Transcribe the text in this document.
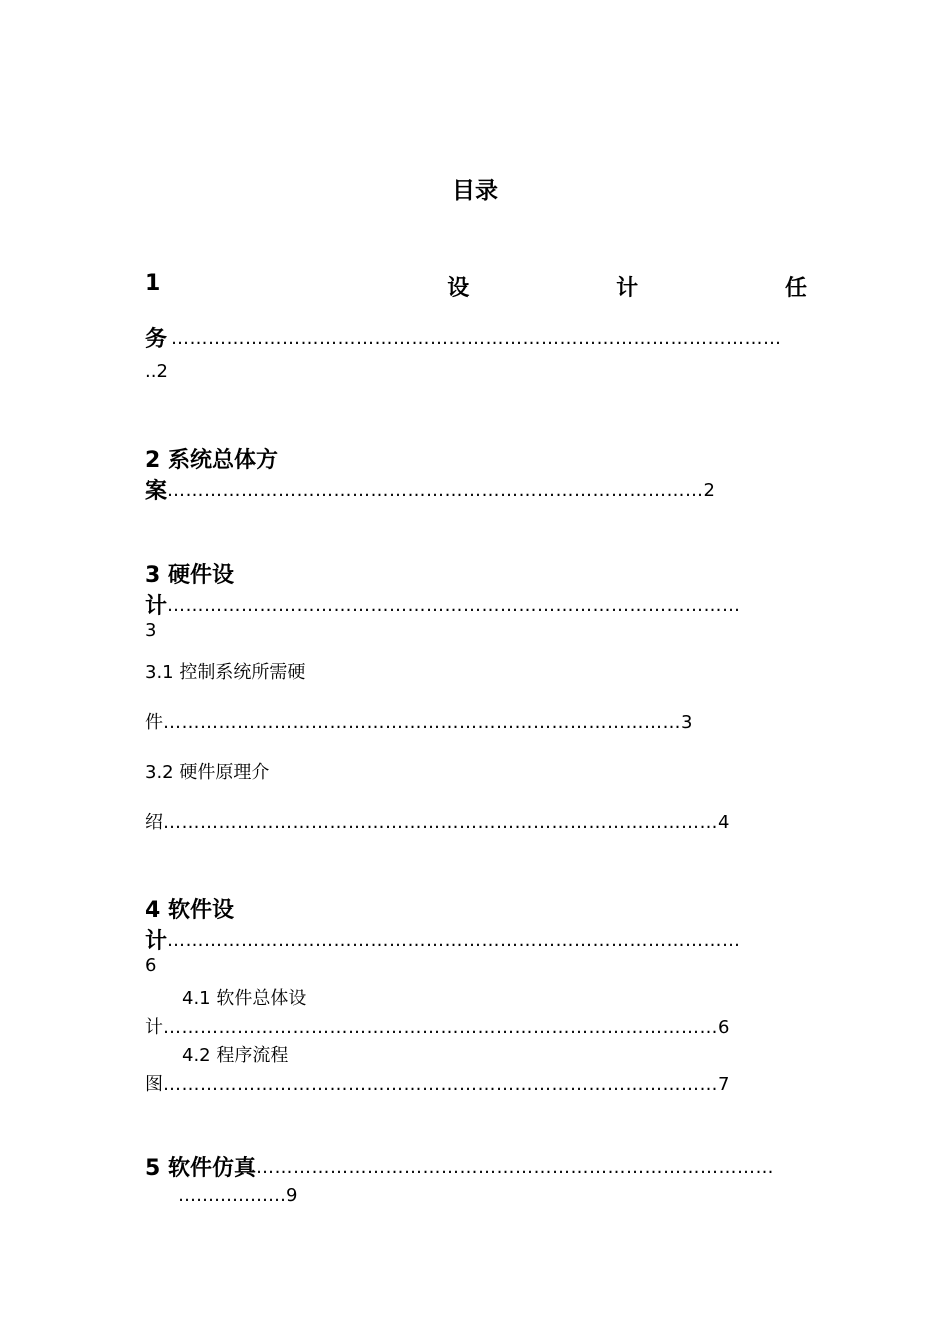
目录
1	设	计	任
务 ………………………………………………………………………………………
..2
2 系统总体方
案……………………………………………………………………………2
3 硬件设
计…………………………………………………………………………………
3
3.1 控制系统所需硬
件…………………………………………………………………………3
3.2 硬件原理介
绍………………………………………………………………………………4
4 软件设
计…………………………………………………………………………………
6
4.1 软件总体设
计………………………………………………………………………………6
4.2 程序流程
图………………………………………………………………………………7
5 软件仿真…………………………………………………………………………
………………9
